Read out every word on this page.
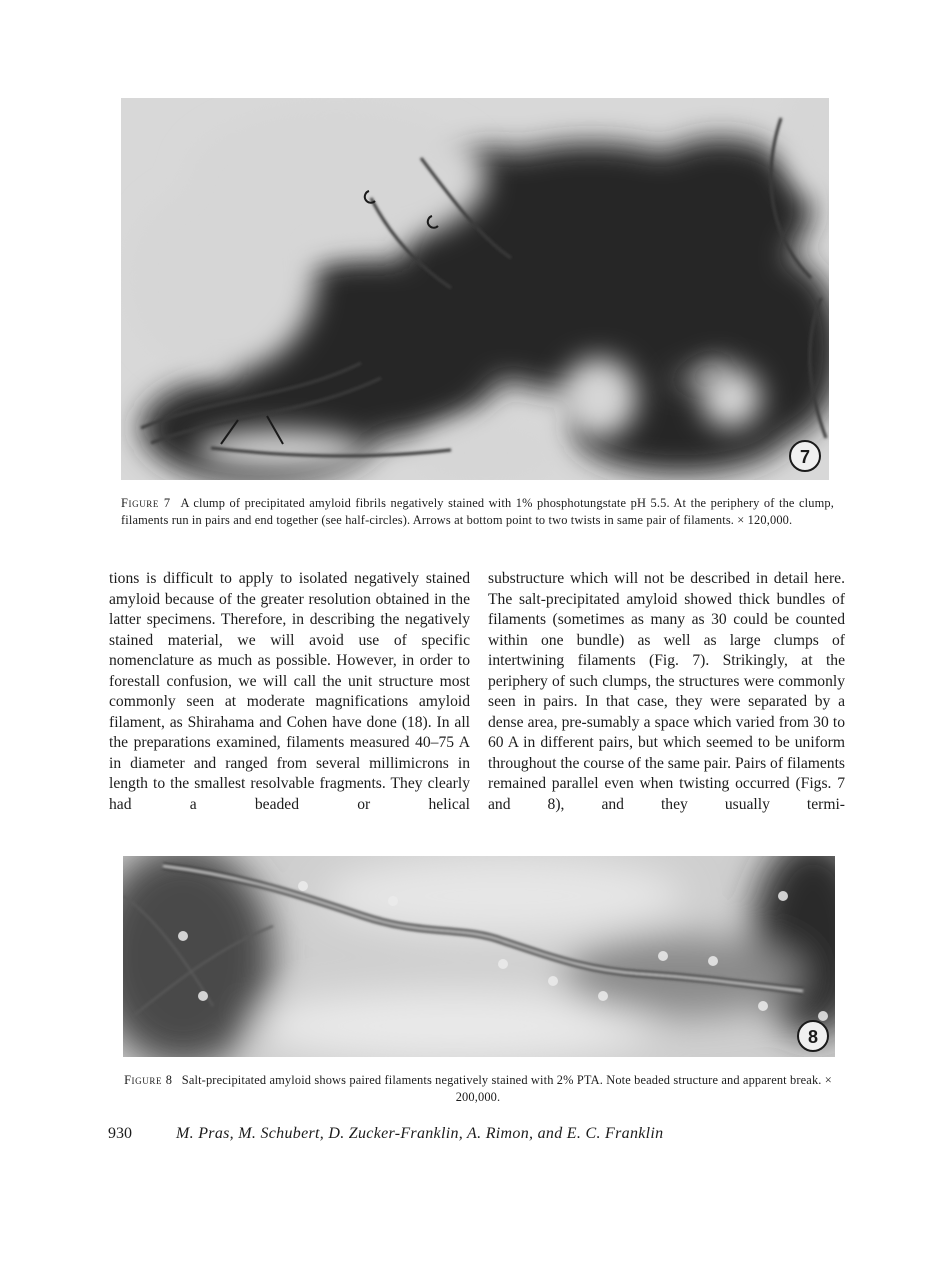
7

Figure 7 A clump of precipitated amyloid fibrils negatively stained with 1% phosphotungstate pH 5.5. At the periphery of the clump, filaments run in pairs and end together (see half-circles). Arrows at bottom point to two twists in same pair of filaments. × 120,000.

tions is difficult to apply to isolated negatively stained amyloid because of the greater resolution obtained in the latter specimens. Therefore, in describing the negatively stained material, we will avoid use of specific nomenclature as much as possible. However, in order to forestall confusion, we will call the unit structure most commonly seen at moderate magnifications amyloid filament, as Shirahama and Cohen have done (18). In all the preparations examined, filaments measured 40–75 A in diameter and ranged from several millimicrons in length to the smallest resolvable fragments. They clearly had a beaded or helical

substructure which will not be described in detail here. The salt-precipitated amyloid showed thick bundles of filaments (sometimes as many as 30 could be counted within one bundle) as well as large clumps of intertwining filaments (Fig. 7). Strikingly, at the periphery of such clumps, the structures were commonly seen in pairs. In that case, they were separated by a dense area, pre-sumably a space which varied from 30 to 60 A in different pairs, but which seemed to be uniform throughout the course of the same pair. Pairs of filaments remained parallel even when twisting occurred (Figs. 7 and 8), and they usually termi-

8

Figure 8 Salt-precipitated amyloid shows paired filaments negatively stained with 2% PTA. Note beaded structure and apparent break. × 200,000.

930	M. Pras, M. Schubert, D. Zucker-Franklin, A. Rimon, and E. C. Franklin
